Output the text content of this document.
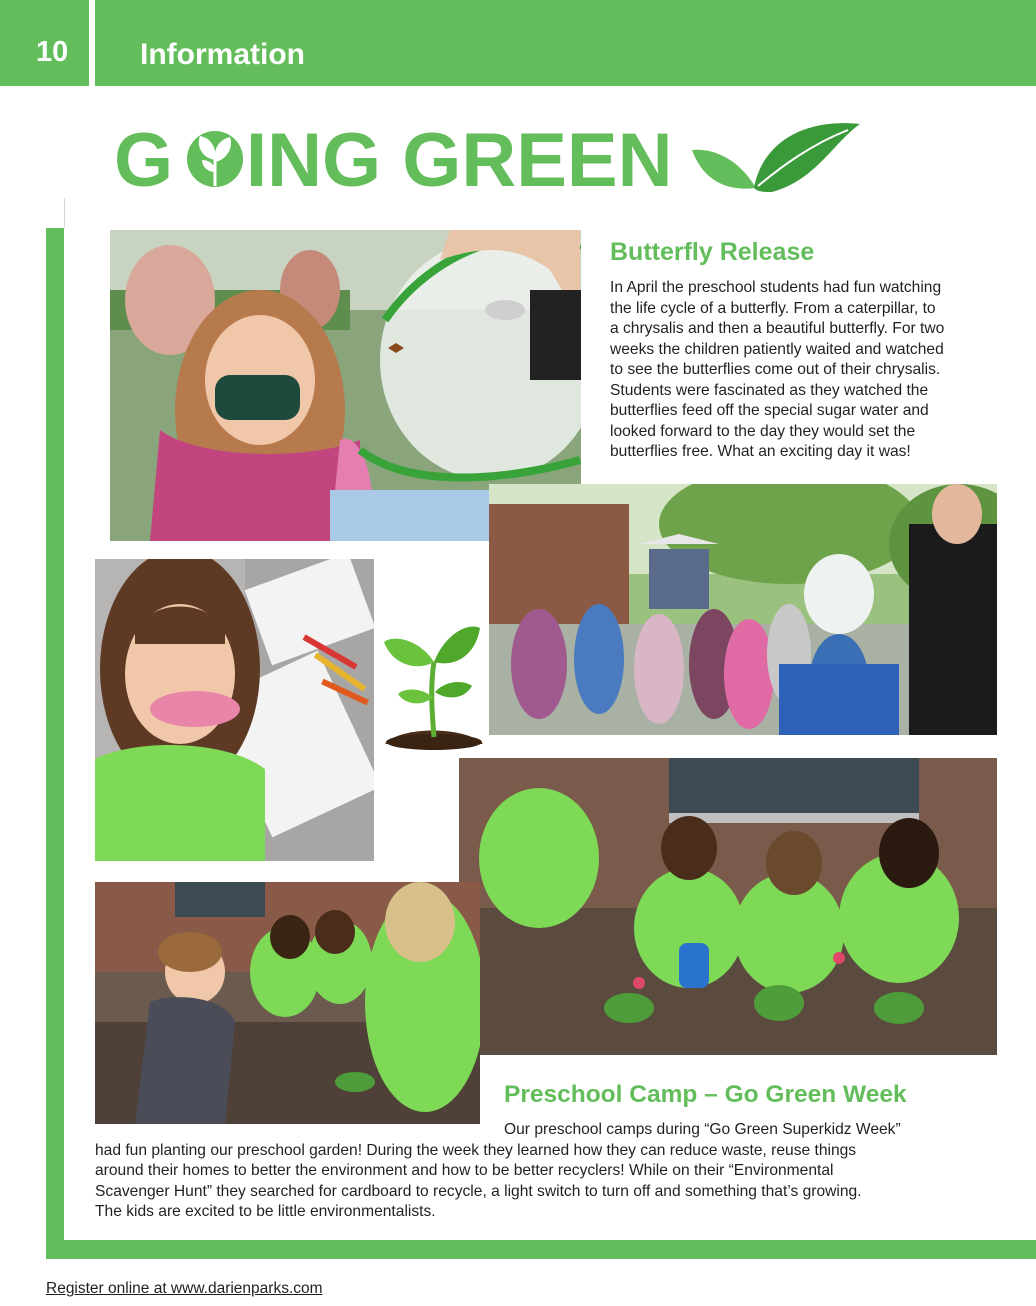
10 Information
G ING GREEN
Butterfly Release

In April the preschool students had fun watching

the life cycle of a butterfly. From a caterpillar, to

a chrysalis and then a beautiful butterfly. For two

weeks the children patiently waited and watched

to see the butterflies come out of their chrysalis.

Students were fascinated as they watched the

butterflies feed off the special sugar water and

looked forward to the day they would set the

butterflies free. What an exciting day it was!

Preschool Camp – Go Green Week

Our preschool camps during “Go Green Superkidz Week”

had fun planting our preschool garden! During the week they learned how they can reduce waste, reuse things

around their homes to better the environment and how to be better recyclers! While on their “Environmental

Scavenger Hunt” they searched for cardboard to recycle, a light switch to turn off and something that’s growing.

The kids are excited to be little environmentalists.

Register online at www.darienparks.com
